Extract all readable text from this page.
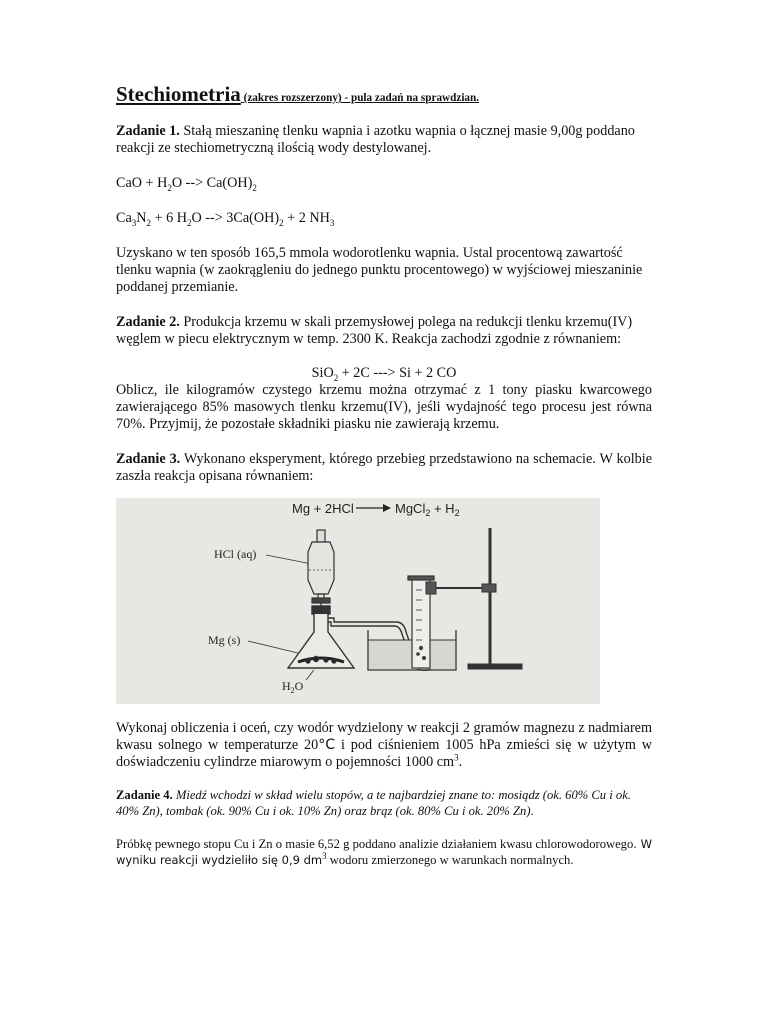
Stechiometria (zakres rozszerzony) - pula zadań na sprawdzian.

Zadanie 1. Stałą mieszaninę tlenku wapnia i azotku wapnia o łącznej masie 9,00g poddano reakcji ze stechiometryczną ilością wody destylowanej.

CaO + $H_2O$ --> $Ca(OH)_2$

$Ca_3N_2 + 6$ $H_2O$ --> $3Ca(OH)_2 + 2$ $NH_3$

Uzyskano w ten sposób 165,5 mmola wodorotlenku wapnia. Ustal procentową zawartość tlenku wapnia (w zaokrągleniu do jednego punktu procentowego) w wyjściowej mieszaninie poddanej przemianie.

Zadanie 2. Produkcja krzemu w skali przemysłowej polega na redukcji tlenku krzemu(IV) węglem w piecu elektrycznym w temp. 2300 K. Reakcja zachodzi zgodnie z równaniem:

SiO$_2$ + 2C ---> Si + 2 CO

Oblicz, ile kilogramów czystego krzemu można otrzymać z 1 tony piasku kwarcowego zawierającego 85% masowych tlenku krzemu(IV), jeśli wydajność tego procesu jest równa 70%. Przyjmij, że pozostałe składniki piasku nie zawierają krzemu.

Zadanie 3. Wykonano eksperyment, którego przebieg przedstawiono na schemacie. W kolbie zaszła reakcja opisana równaniem:

Mg + 2HCl	MgCl$_2$ + $H_2$
HCl (aq)
Mg (s)
$H_2O$

Wykonaj obliczenia i oceń, czy wodór wydzielony w reakcji 2 gramów magnezu z nadmiarem kwasu solnego w temperaturze 20°C i pod ciśnieniem 1005 hPa zmieści się w użytym w doświadczeniu cylindrze miarowym o pojemności 1000 $cm^3$.

Zadanie 4. Miedź wchodzi w skład wielu stopów, a te najbardziej znane to: mosiądz (ok. 60% Cu i ok. 40% Zn), tombak (ok. 90% Cu i ok. 10% Zn) oraz brąz (ok. 80% Cu i ok. 20% Zn).

Próbkę pewnego stopu Cu i Zn o masie 6,52 g poddano analizie działaniem kwasu chlorowodorowego. W wyniku reakcji wydzieliło się 0,9 $dm^3$ wodoru zmierzonego w warunkach normalnych.
